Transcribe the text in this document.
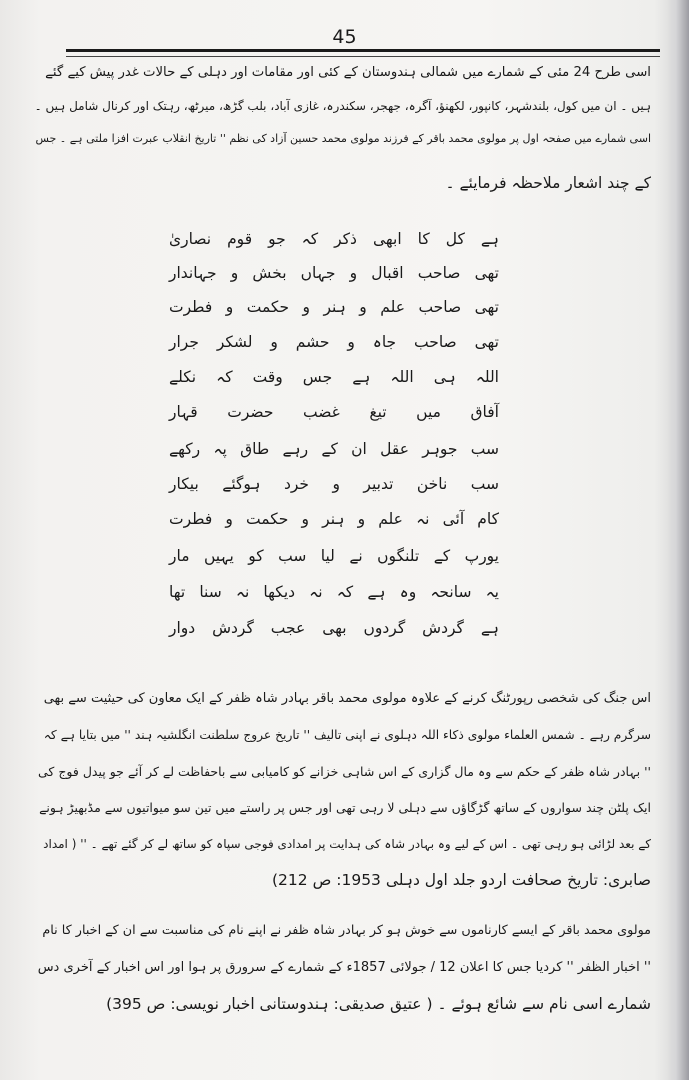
45
اسی طرح 24 مئی کے شمارے میں شمالی ہندوستان کے کئی اور مقامات اور دہلی کے حالات غدر پیش کیے گئے
ہیں ۔ ان میں کول، بلندشہر، کانپور، لکھنؤ، آگرہ، جھجر، سکندرہ، غازی آباد، بلب گڑھ، میرٹھ، رہتک اور کرنال شامل ہیں ۔
اسی شمارے میں صفحہ اول پر مولوی محمد باقر کے فرزند مولوی محمد حسین آزاد کی نظم '' تاریخ انقلاب عبرت افزا ملتی ہے ۔ جس
کے چند اشعار ملاحظہ فرمایئے ۔
ہے کل کا ابھی ذکر کہ جو قوم نصاریٰ
تھی صاحب اقبال و جہاں بخش و جہاندار
تھی صاحب علم و ہنر و حکمت و فطرت
تھی صاحب جاہ و حشم و لشکر جرار
اللہ ہی اللہ ہے جس وقت کہ نکلے
آفاق میں تیغ غضب حضرت قہار
سب جوہر عقل ان کے رہے طاق پہ رکھے
سب ناخن تدبیر و خرد ہوگئے بیکار
کام آئی نہ علم و ہنر و حکمت و فطرت
یورپ کے تلنگوں نے لیا سب کو یہیں مار
یہ سانحہ وہ ہے کہ نہ دیکھا نہ سنا تھا
ہے گردش گردوں بھی عجب گردش دوار
اس جنگ کی شخصی رپورٹنگ کرنے کے علاوہ مولوی محمد باقر بہادر شاہ ظفر کے ایک معاون کی حیثیت سے بھی
سرگرم رہے ۔ شمس العلماء مولوی ذکاء اللہ دہلوی نے اپنی تالیف '' تاریخ عروج سلطنت انگلشیہ ہند '' میں بتایا ہے کہ
'' بہادر شاہ ظفر کے حکم سے وہ مال گزاری کے اس شاہی خزانے کو کامیابی سے باحفاظت لے کر آئے جو پیدل فوج کی
ایک پلٹن چند سواروں کے ساتھ گڑگاؤں سے دہلی لا رہی تھی اور جس پر راستے میں تین سو میواتیوں سے مڈبھیڑ ہونے
کے بعد لڑائی ہو رہی تھی ۔ اس کے لیے وہ بہادر شاہ کی ہدایت پر امدادی فوجی سپاہ کو ساتھ لے کر گئے تھے ۔ '' ( امداد
صابری: تاریخ صحافت اردو جلد اول دہلی 1953: ص 212)
مولوی محمد باقر کے ایسے کارناموں سے خوش ہو کر بہادر شاہ ظفر نے اپنے نام کی مناسبت سے ان کے اخبار کا نام
'' اخبار الظفر '' کردیا جس کا اعلان 12 / جولائی 1857ء کے شمارے کے سرورق پر ہوا اور اس اخبار کے آخری دس
شمارے اسی نام سے شائع ہوئے ۔ ( عتیق صدیقی: ہندوستانی اخبار نویسی: ص 395)
